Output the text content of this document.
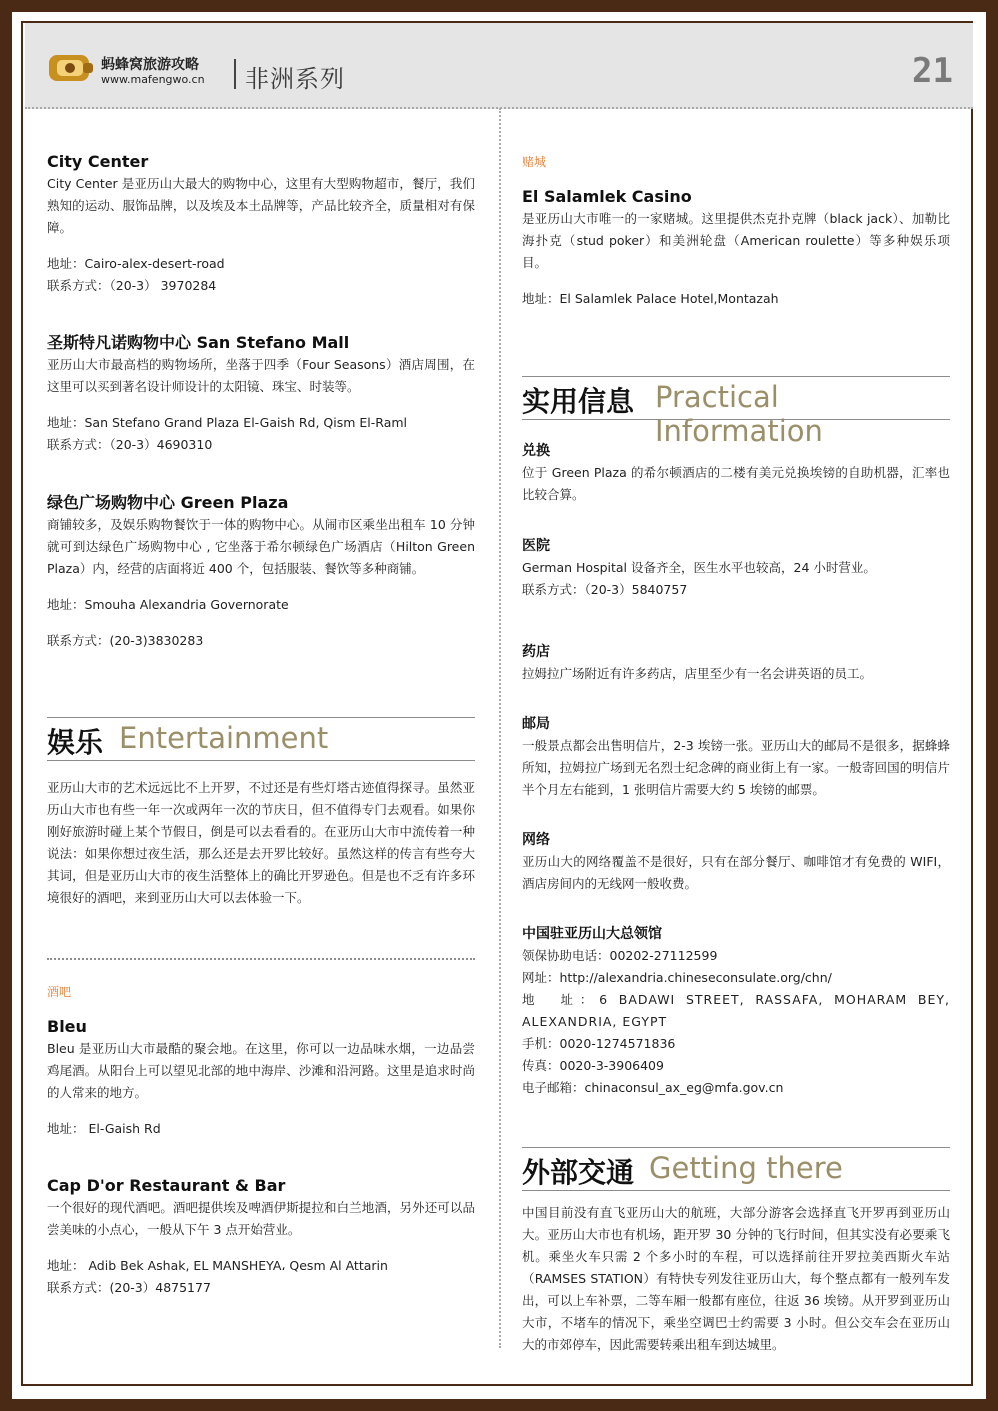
蚂蜂窝旅游攻略
www.mafengwo.cn 非洲系列	21

City Center

City Center 是亚历山大最大的购物中心，这里有大型购物超市，餐厅，我们熟知的运动、服饰品牌，以及埃及本土品牌等，产品比较齐全，质量相对有保障。

地址：Cairo-alex-desert-road

联系方式：（20-3） 3970284

圣斯特凡诺购物中心 San Stefano Mall

亚历山大市最高档的购物场所，坐落于四季（Four Seasons）酒店周围，在这里可以买到著名设计师设计的太阳镜、珠宝、时装等。

地址：San Stefano Grand Plaza El-Gaish Rd, Qism El-Raml

联系方式：（20-3）4690310

绿色广场购物中心 Green Plaza

商铺较多，及娱乐购物餐饮于一体的购物中心。从闹市区乘坐出租车 10 分钟就可到达绿色广场购物中心 , 它坐落于希尔顿绿色广场酒店（Hilton Green Plaza）内，经营的店面将近 400 个，包括服装、餐饮等多种商铺。

地址：Smouha Alexandria Governorate

联系方式：(20-3)3830283

娱乐 Entertainment

亚历山大市的艺术远远比不上开罗，不过还是有些灯塔古迹值得探寻。虽然亚历山大市也有些一年一次或两年一次的节庆日，但不值得专门去观看。如果你刚好旅游时碰上某个节假日，倒是可以去看看的。在亚历山大市中流传着一种说法：如果你想过夜生活，那么还是去开罗比较好。虽然这样的传言有些夸大其词，但是亚历山大市的夜生活整体上的确比开罗逊色。但是也不乏有许多环境很好的酒吧，来到亚历山大可以去体验一下。

酒吧

Bleu

Bleu 是亚历山大市最酷的聚会地。在这里，你可以一边品味水烟，一边品尝鸡尾酒。从阳台上可以望见北部的地中海岸、沙滩和沿河路。这里是追求时尚的人常来的地方。

地址： El-Gaish Rd

Cap D'or Restaurant & Bar

一个很好的现代酒吧。酒吧提供埃及啤酒伊斯提拉和白兰地酒，另外还可以品尝美味的小点心，一般从下午 3 点开始营业。

地址： Adib Bek Ashak, EL MANSHEYA، Qesm Al Attarin

联系方式：(20-3）4875177

赌城

El Salamlek Casino

是亚历山大市唯一的一家赌城。这里提供杰克扑克牌（black jack）、加勒比海扑克（stud poker）和美洲轮盘（American roulette）等多种娱乐项目。

地址：El Salamlek Palace Hotel,Montazah

实用信息 Practical Information

兑换

位于 Green Plaza 的希尔顿酒店的二楼有美元兑换埃镑的自助机器，汇率也比较合算。

医院

German Hospital 设备齐全，医生水平也较高，24 小时营业。

联系方式：（20-3）5840757

药店

拉姆拉广场附近有许多药店，店里至少有一名会讲英语的员工。

邮局

一般景点都会出售明信片，2-3 埃镑一张。亚历山大的邮局不是很多，据蜂蜂所知，拉姆拉广场到无名烈士纪念碑的商业街上有一家。一般寄回国的明信片半个月左右能到，1 张明信片需要大约 5 埃镑的邮票。

网络

亚历山大的网络覆盖不是很好，只有在部分餐厅、咖啡馆才有免费的 WIFI，酒店房间内的无线网一般收费。

中国驻亚历山大总领馆

领保协助电话：00202-27112599

网址：http://alexandria.chineseconsulate.org/chn/

地　址：6 BADAWI STREET, RASSAFA, MOHARAM BEY, ALEXANDRIA, EGYPT

手机：0020-1274571836

传真：0020-3-3906409

电子邮箱：chinaconsul_ax_eg@mfa.gov.cn

外部交通 Getting there

中国目前没有直飞亚历山大的航班，大部分游客会选择直飞开罗再到亚历山大。亚历山大市也有机场，距开罗 30 分钟的飞行时间，但其实没有必要乘飞机。乘坐火车只需 2 个多小时的车程，可以选择前往开罗拉美西斯火车站（RAMSES STATION）有特快专列发往亚历山大，每个整点都有一般列车发出，可以上车补票，二等车厢一般都有座位，往返 36 埃镑。从开罗到亚历山大市，不堵车的情况下，乘坐空调巴士约需要 3 小时。但公交车会在亚历山大的市郊停车，因此需要转乘出租车到达城里。
